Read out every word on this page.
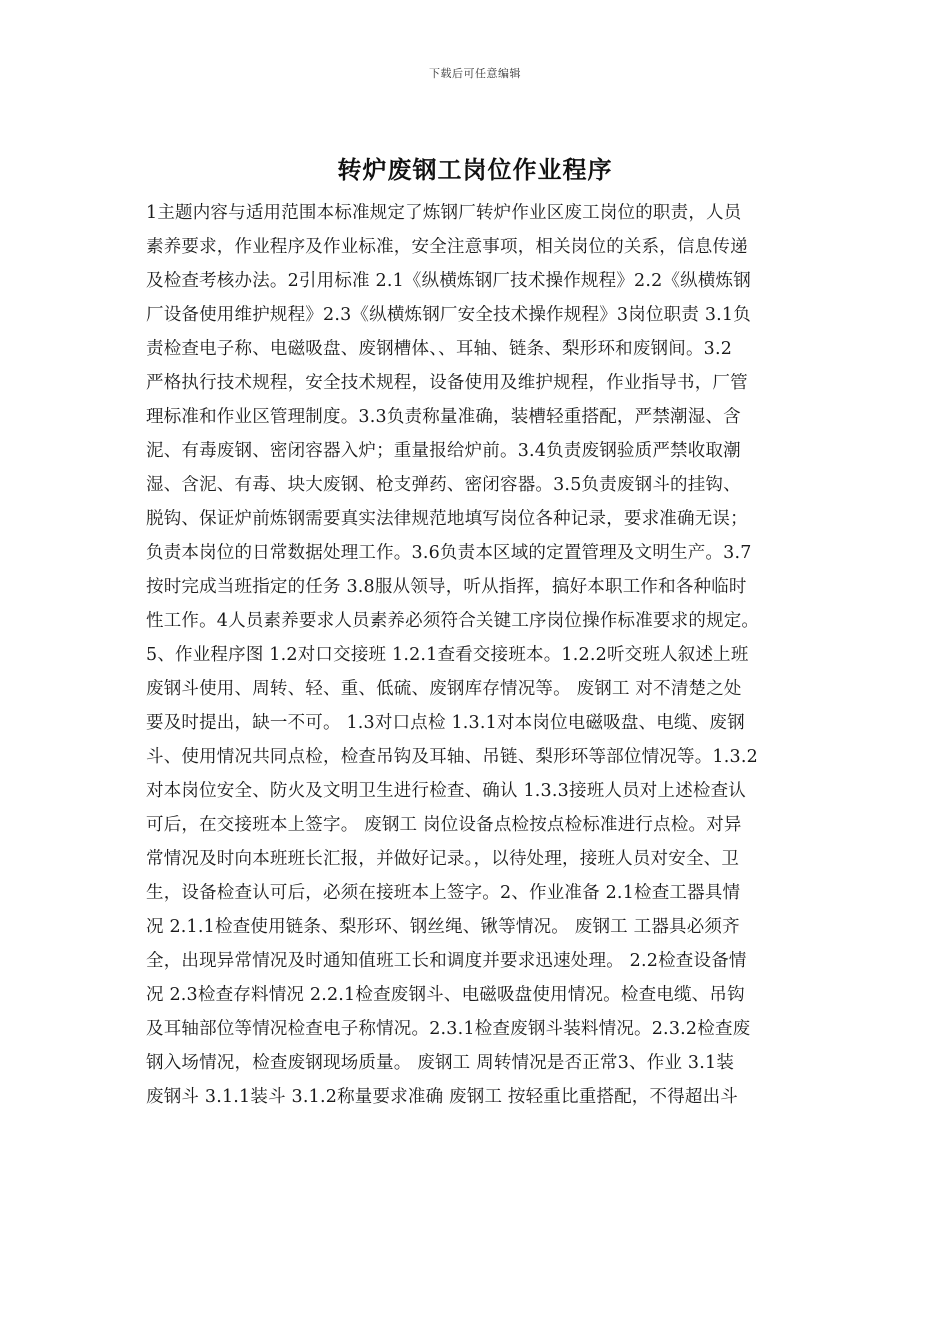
下载后可任意编辑
转炉废钢工岗位作业程序
1主题内容与适用范围本标准规定了炼钢厂转炉作业区废工岗位的职责，人员
素养要求，作业程序及作业标准，安全注意事项，相关岗位的关系，信息传递
及检查考核办法。2引用标准 2.1《纵横炼钢厂技术操作规程》2.2《纵横炼钢
厂设备使用维护规程》2.3《纵横炼钢厂安全技术操作规程》3岗位职责 3.1负
责检查电子称、电磁吸盘、废钢槽体、、耳轴、链条、梨形环和废钢间。3.2
严格执行技术规程，安全技术规程，设备使用及维护规程，作业指导书，厂管
理标准和作业区管理制度。3.3负责称量准确，装槽轻重搭配，严禁潮湿、含
泥、有毒废钢、密闭容器入炉；重量报给炉前。3.4负责废钢验质严禁收取潮
湿、含泥、有毒、块大废钢、枪支弹药、密闭容器。3.5负责废钢斗的挂钩、
脱钩、保证炉前炼钢需要真实法律规范地填写岗位各种记录，要求准确无误；
负责本岗位的日常数据处理工作。3.6负责本区域的定置管理及文明生产。3.7
按时完成当班指定的任务 3.8服从领导，听从指挥，搞好本职工作和各种临时
性工作。4人员素养要求人员素养必须符合关键工序岗位操作标准要求的规定。
5、作业程序图 1.2对口交接班 1.2.1查看交接班本。1.2.2听交班人叙述上班
废钢斗使用、周转、轻、重、低硫、废钢库存情况等。 废钢工 对不清楚之处
要及时提出，缺一不可。 1.3对口点检 1.3.1对本岗位电磁吸盘、电缆、废钢
斗、使用情况共同点检，检查吊钩及耳轴、吊链、梨形环等部位情况等。1.3.2
对本岗位安全、防火及文明卫生进行检查、确认 1.3.3接班人员对上述检查认
可后，在交接班本上签字。 废钢工 岗位设备点检按点检标准进行点检。对异
常情况及时向本班班长汇报，并做好记录。，以待处理，接班人员对安全、卫
生，设备检查认可后，必须在接班本上签字。2、作业准备 2.1检查工器具情
况 2.1.1检查使用链条、梨形环、钢丝绳、锹等情况。 废钢工 工器具必须齐
全，出现异常情况及时通知值班工长和调度并要求迅速处理。 2.2检查设备情
况 2.3检查存料情况 2.2.1检查废钢斗、电磁吸盘使用情况。检查电缆、吊钩
及耳轴部位等情况检查电子称情况。2.3.1检查废钢斗装料情况。2.3.2检查废
钢入场情况，检查废钢现场质量。 废钢工 周转情况是否正常3、作业 3.1装
废钢斗 3.1.1装斗 3.1.2称量要求准确 废钢工 按轻重比重搭配，不得超出斗
